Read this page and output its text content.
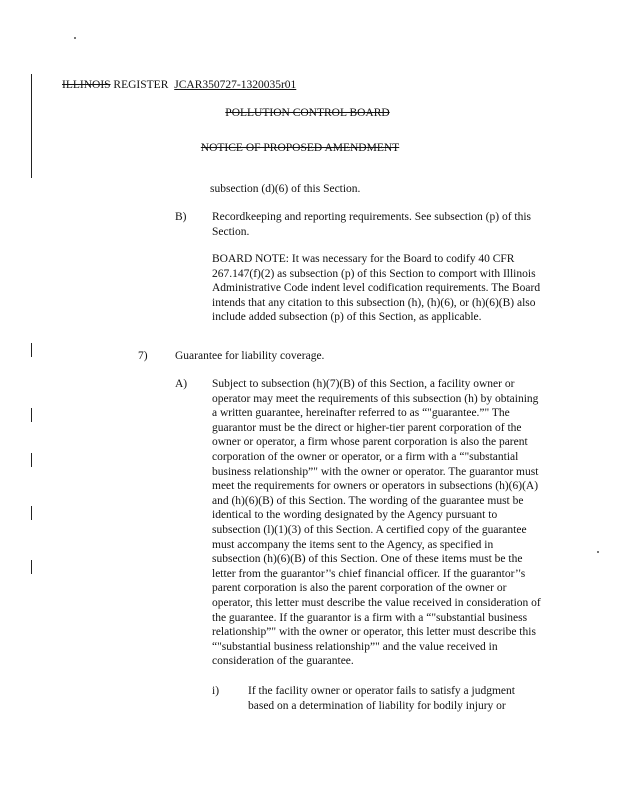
ILLINOIS REGISTER JCAR350727-1320035r01
POLLUTION CONTROL BOARD
NOTICE OF PROPOSED AMENDMENT

subsection (d)(6) of this Section.

B) Recordkeeping and reporting requirements. See subsection (p) of this Section.

BOARD NOTE: It was necessary for the Board to codify 40 CFR 267.147(f)(2) as subsection (p) of this Section to comport with Illinois Administrative Code indent level codification requirements. The Board intends that any citation to this subsection (h), (h)(6), or (h)(6)(B) also include added subsection (p) of this Section, as applicable.

7) Guarantee for liability coverage.

A) Subject to subsection (h)(7)(B) of this Section, a facility owner or operator may meet the requirements of this subsection (h) by obtaining a written guarantee, hereinafter referred to as “"guarantee.”" The guarantor must be the direct or higher-tier parent corporation of the owner or operator, a firm whose parent corporation is also the parent corporation of the owner or operator, or a firm with a “"substantial business relationship”" with the owner or operator. The guarantor must meet the requirements for owners or operators in subsections (h)(6)(A) and (h)(6)(B) of this Section. The wording of the guarantee must be identical to the wording designated by the Agency pursuant to subsection (l)(1)(3) of this Section. A certified copy of the guarantee must accompany the items sent to the Agency, as specified in subsection (h)(6)(B) of this Section. One of these items must be the letter from the guarantor’'s chief financial officer. If the guarantor’'s parent corporation is also the parent corporation of the owner or operator, this letter must describe the value received in consideration of the guarantee. If the guarantor is a firm with a “"substantial business relationship”" with the owner or operator, this letter must describe this “"substantial business relationship”" and the value received in consideration of the guarantee.

i)	If the facility owner or operator fails to satisfy a judgment based on a determination of liability for bodily injury or
